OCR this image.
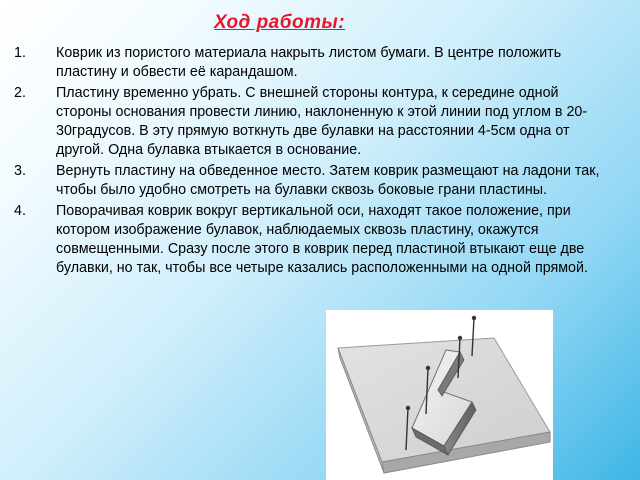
Ход работы:
1.	Коврик из пористого материала накрыть листом бумаги. В центре положить пластину и обвести её карандашом.
2.	Пластину временно убрать. С внешней стороны контура, к середине одной стороны основания провести линию, наклоненную к этой линии под углом в 20-30градусов. В эту прямую воткнуть две булавки на расстоянии 4-5см одна от другой. Одна булавка втыкается в основание.
3.	Вернуть пластину на обведенное место. Затем коврик размещают на ладони так, чтобы было удобно смотреть на булавки сквозь боковые грани пластины.
4.	Поворачивая коврик вокруг вертикальной оси, находят такое положение, при котором изображение булавок, наблюдаемых сквозь пластину, окажутся совмещенными. Сразу после этого в коврик перед пластиной втыкают еще две булавки, но так, чтобы все четыре казались расположенными на одной прямой.
